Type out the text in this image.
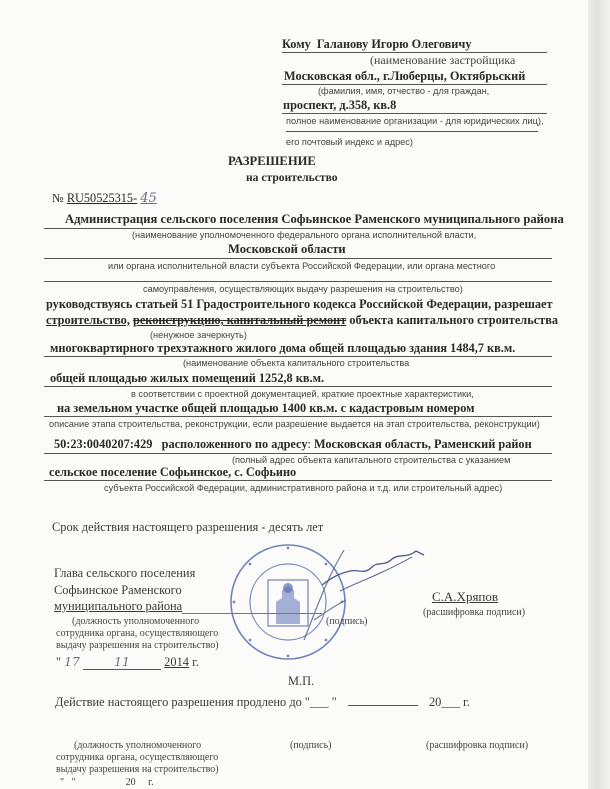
Кому Галанову Игорю Олеговичу
(наименование застройщика
Московская обл., г.Люберцы, Октябрьский
(фамилия, имя, отчество - для граждан,
проспект, д.358, кв.8
полное наименование организации - для юридических лиц),
его почтовый индекс и адрес)
РАЗРЕШЕНИЕ
на строительство
№ RU50525315- 45
Администрация сельского поселения Софьинское Раменского муниципального района
(наименование уполномоченного федерального органа исполнительной власти,
Московской области
или органа исполнительной власти субъекта Российской Федерации, или органа местного
самоуправления, осуществляющих выдачу разрешения на строительство)
руководствуясь статьей 51 Градостроительного кодекса Российской Федерации, разрешает
строительство, реконструкцию, капитальный ремонт объекта капитального строительства
(ненужное зачеркнуть)
многоквартирного трехэтажного жилого дома общей площадью здания 1484,7 кв.м.
(наименование объекта капитального строительства
общей площадью жилых помещений 1252,8 кв.м.
в соответствии с проектной документацией, краткие проектные характеристики,
на земельном участке общей площадью 1400 кв.м. с кадастровым номером
описание этапа строительства, реконструкции, если разрешение выдается на этап строительства, реконструкции)
50:23:0040207:429 расположенного по адресу: Московская область, Раменский район
(полный адрес объекта капитального строительства с указанием
сельское поселение Софьинское, с. Софьино
субъекта Российской Федерации, административного района и т.д. или строительный адрес)
Срок действия настоящего разрешения - десять лет
Глава сельского поселения
Софьинское Раменского
муниципального района
(должность уполномоченного
сотрудника органа, осуществляющего
выдачу разрешения на строительство)
(подпись)
С.А.Хряпов
(расшифровка подписи)
" 17	11	2014 г.
М.П.
Действие настоящего разрешения продлено до "___ "	20___ г.
(должность уполномоченного
сотрудника органа, осуществляющего
выдачу разрешения на строительство)
(подпись)	(расшифровка подписи)
"   "                    20     г.
